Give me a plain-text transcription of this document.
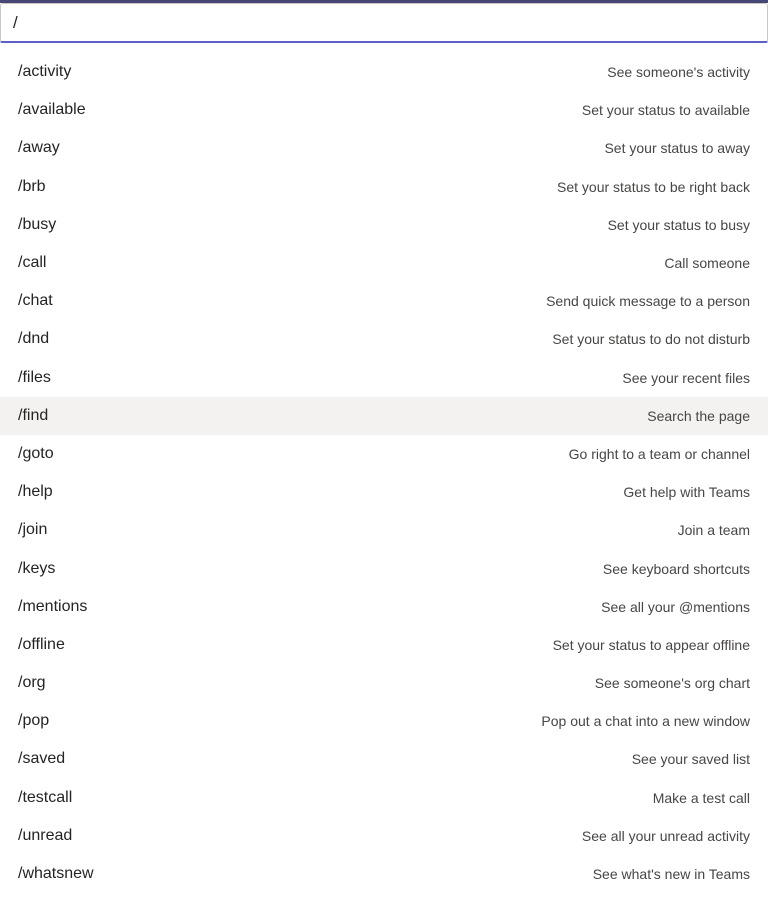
/
/activity	See someone's activity
/available	Set your status to available
/away	Set your status to away
/brb	Set your status to be right back
/busy	Set your status to busy
/call	Call someone
/chat	Send quick message to a person
/dnd	Set your status to do not disturb
/files	See your recent files
/find	Search the page
/goto	Go right to a team or channel
/help	Get help with Teams
/join	Join a team
/keys	See keyboard shortcuts
/mentions	See all your @mentions
/offline	Set your status to appear offline
/org	See someone's org chart
/pop	Pop out a chat into a new window
/saved	See your saved list
/testcall	Make a test call
/unread	See all your unread activity
/whatsnew	See what's new in Teams
